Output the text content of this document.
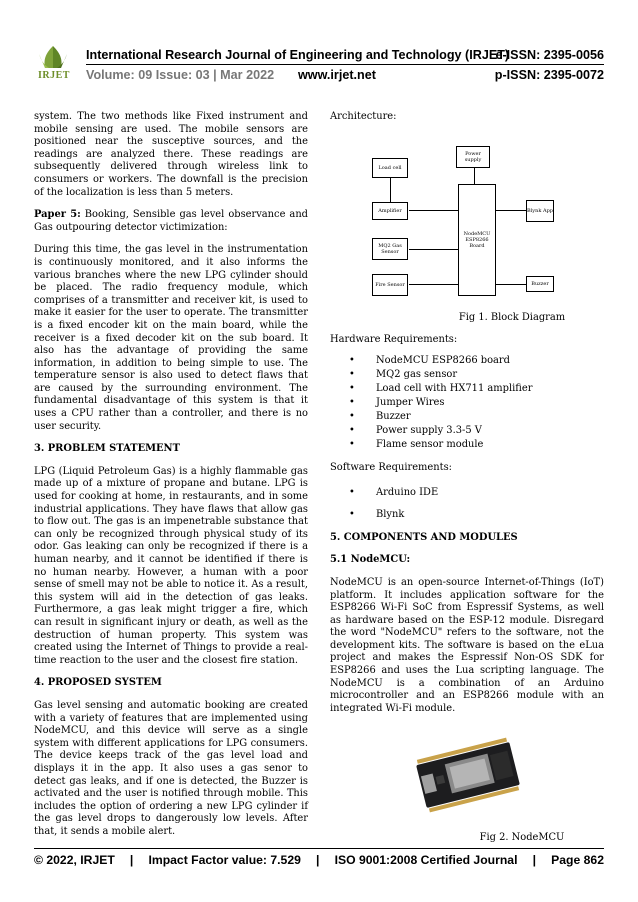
IRJET
International Research Journal of Engineering and Technology (IRJET)
e-ISSN: 2395-0056
Volume: 09 Issue: 03 | Mar 2022 www.irjet.net	p-ISSN: 2395-0072

system. The two methods like Fixed instrument and mobile sensing are used. The mobile sensors are positioned near the susceptive sources, and the readings are analyzed there. These readings are subsequently delivered through wireless link to consumers or workers. The downfall is the precision of the localization is less than 5 meters.

Paper 5: Booking, Sensible gas level observance and Gas outpouring detector victimization:

During this time, the gas level in the instrumentation is continuously monitored, and it also informs the various branches where the new LPG cylinder should be placed. The radio frequency module, which comprises of a transmitter and receiver kit, is used to make it easier for the user to operate. The transmitter is a fixed encoder kit on the main board, while the receiver is a fixed decoder kit on the sub board. It also has the advantage of providing the same information, in addition to being simple to use. The temperature sensor is also used to detect flaws that are caused by the surrounding environment. The fundamental disadvantage of this system is that it uses a CPU rather than a controller, and there is no user security.

3. PROBLEM STATEMENT

LPG (Liquid Petroleum Gas) is a highly flammable gas made up of a mixture of propane and butane. LPG is used for cooking at home, in restaurants, and in some industrial applications. They have flaws that allow gas to flow out. The gas is an impenetrable substance that can only be recognized through physical study of its odor. Gas leaking can only be recognized if there is a human nearby, and it cannot be identified if there is no human nearby. However, a human with a poor sense of smell may not be able to notice it. As a result, this system will aid in the detection of gas leaks. Furthermore, a gas leak might trigger a fire, which can result in significant injury or death, as well as the destruction of human property. This system was created using the Internet of Things to provide a real-time reaction to the user and the closest fire station.

4. PROPOSED SYSTEM

Gas level sensing and automatic booking are created with a variety of features that are implemented using NodeMCU, and this device will serve as a single system with different applications for LPG consumers. The device keeps track of the gas level load and displays it in the app. It also uses a gas senor to detect gas leaks, and if one is detected, the Buzzer is activated and the user is notified through mobile. This includes the option of ordering a new LPG cylinder if the gas level drops to dangerously low levels. After that, it sends a mobile alert.

Architecture:

Load cell
Amplifier
MQ2 Gas Sensor
Fire Sensor
Power supply
NodeMCU ESP8266 Board
Blynk App
Buzzer

Fig 1. Block Diagram

Hardware Requirements:

• NodeMCU ESP8266 board
• MQ2 gas sensor
• Load cell with HX711 amplifier
• Jumper Wires
• Buzzer
• Power supply 3.3-5 V
• Flame sensor module

Software Requirements:

• Arduino IDE
• Blynk
5. COMPONENTS AND MODULES
5.1 NodeMCU:

NodeMCU is an open-source Internet-of-Things (IoT) platform. It includes application software for the ESP8266 Wi-Fi SoC from Espressif Systems, as well as hardware based on the ESP-12 module. Disregard the word "NodeMCU" refers to the software, not the development kits. The software is based on the eLua project and makes the Espressif Non-OS SDK for ESP8266 and uses the Lua scripting language. The NodeMCU is a combination of an Arduino microcontroller and an ESP8266 module with an integrated Wi-Fi module.

Fig 2. NodeMCU

© 2022, IRJET | Impact Factor value: 7.529 | ISO 9001:2008 Certified Journal | Page 862
